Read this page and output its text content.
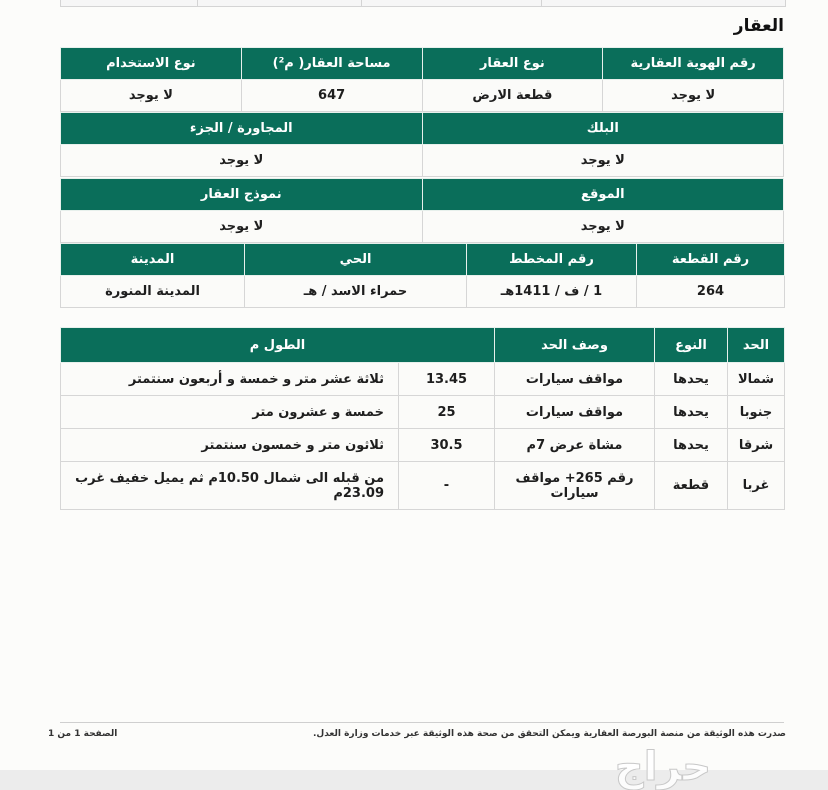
العقار
رقم الهوية العقارية	نوع العقار	مساحة العقار( م²)	نوع الاستخدام
لا يوجد	قطعة الارض	647	لا يوجد
البلك	المجاورة / الجزء
لا يوجد	لا يوجد
الموقع	نموذج العقار
لا يوجد	لا يوجد
رقم القطعة	رقم المخطط	الحي	المدينة
264	1 / ف / 1411هـ	حمراء الاسد / هـ	المدينة المنورة
الحد	النوع	وصف الحد	الطول م	
شمالا	يحدها	مواقف سيارات	13.45	ثلاثة عشر متر و خمسة و أربعون سنتمتر
جنوبا	يحدها	مواقف سيارات	25	خمسة و عشرون متر
شرقا	يحدها	مشاة عرض 7م	30.5	ثلاثون متر و خمسون سنتمتر
غربا	قطعة	رقم 265+ مواقف سيارات	-	من قبله الى شمال 10.50م ثم يميل خفيف غرب 23.09م
صدرت هذه الوثيقة من منصة البورصة العقارية ويمكن التحقق من صحة هذه الوثيقة عبر خدمات وزارة العدل.
الصفحة 1 من 1
حراج
